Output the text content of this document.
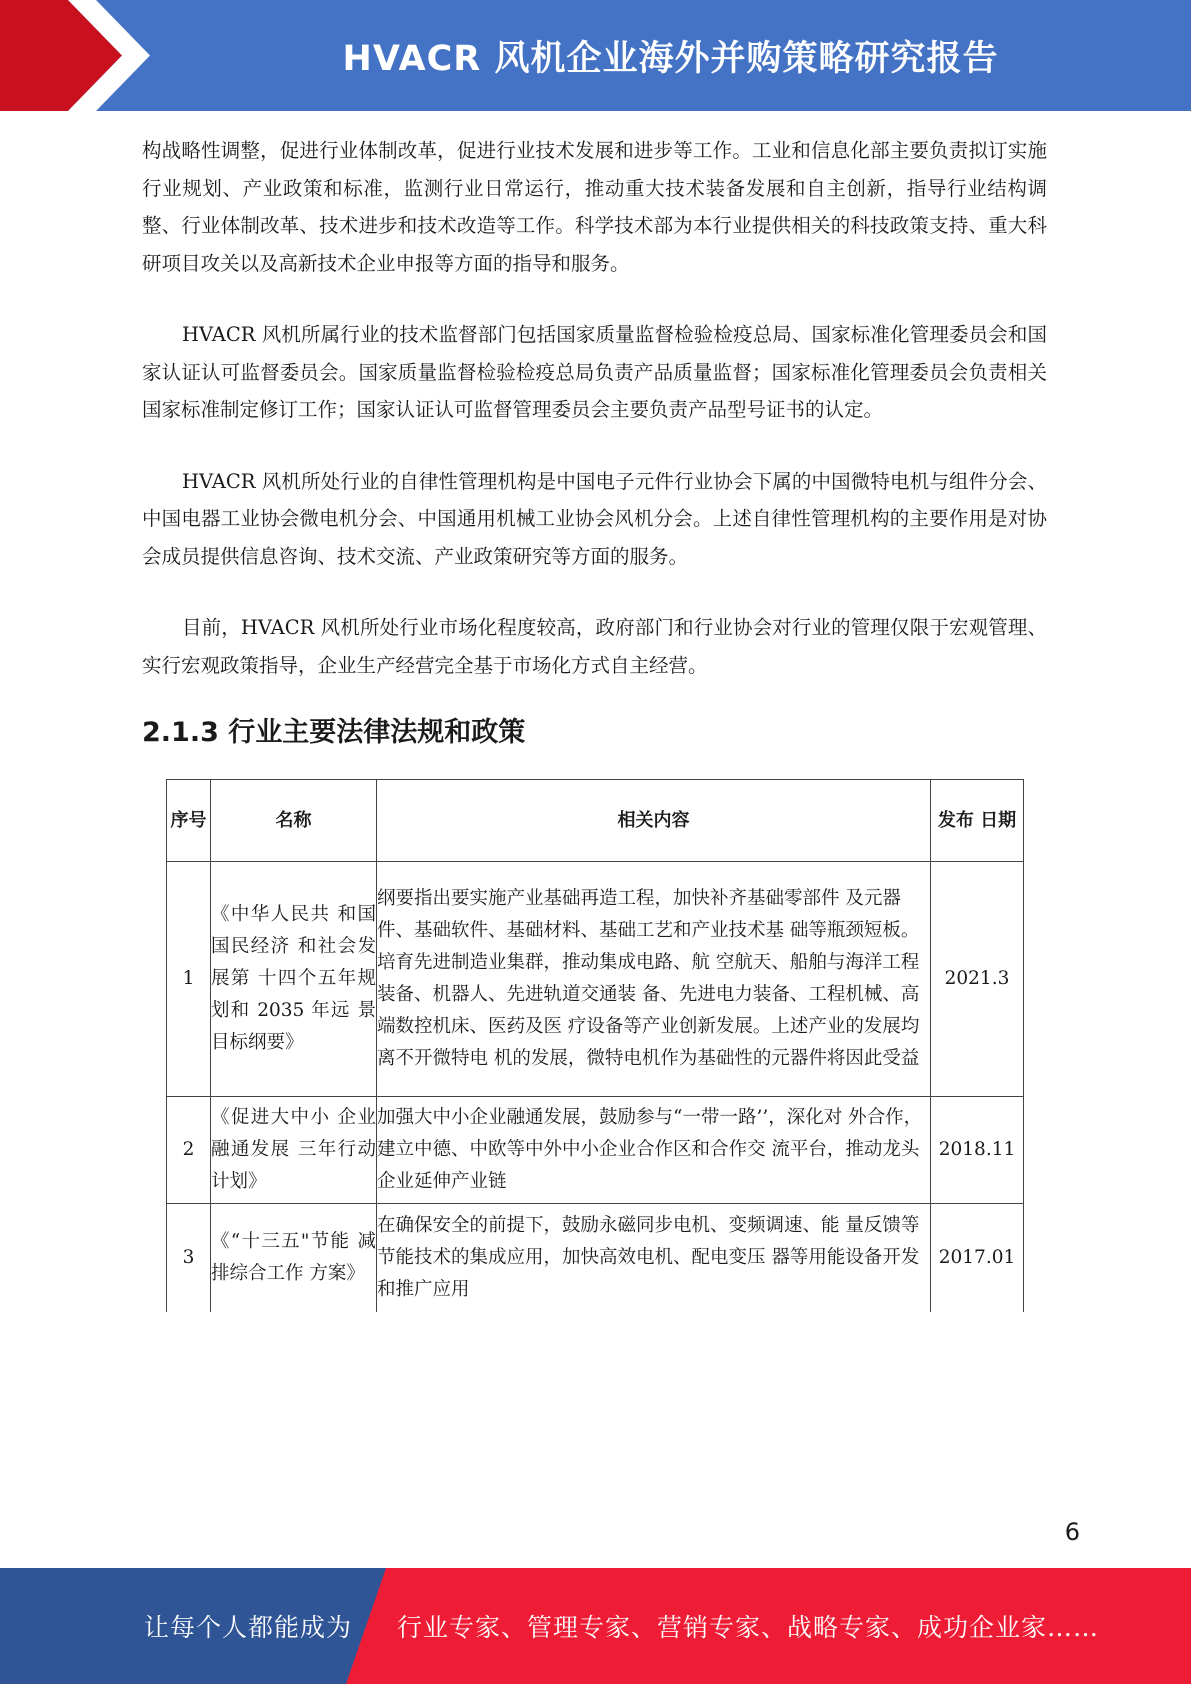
HVACR 风机企业海外并购策略研究报告

构战略性调整，促进行业体制改革，促进行业技术发展和进步等工作。工业和信息化部主要负责拟订实施行业规划、产业政策和标准，监测行业日常运行，推动重大技术装备发展和自主创新，指导行业结构调整、行业体制改革、技术进步和技术改造等工作。科学技术部为本行业提供相关的科技政策支持、重大科研项目攻关以及高新技术企业申报等方面的指导和服务。

HVACR 风机所属行业的技术监督部门包括国家质量监督检验检疫总局、国家标准化管理委员会和国家认证认可监督委员会。国家质量监督检验检疫总局负责产品质量监督；国家标准化管理委员会负责相关国家标准制定修订工作；国家认证认可监督管理委员会主要负责产品型号证书的认定。

HVACR 风机所处行业的自律性管理机构是中国电子元件行业协会下属的中国微特电机与组件分会、中国电器工业协会微电机分会、中国通用机械工业协会风机分会。上述自律性管理机构的主要作用是对协会成员提供信息咨询、技术交流、产业政策研究等方面的服务。

目前，HVACR 风机所处行业市场化程度较高，政府部门和行业协会对行业的管理仅限于宏观管理、实行宏观政策指导，企业生产经营完全基于市场化方式自主经营。

2.1.3 行业主要法律法规和政策
序号	名称	相关内容	发布 日期
1	《中华人民共 和国国民经济 和社会发展第 十四个五年规 划和 2035 年远 景目标纲要》	纲要指出要实施产业基础再造工程，加快补齐基础零部件 及元器件、基础软件、基础材料、基础工艺和产业技术基 础等瓶颈短板。培育先进制造业集群，推动集成电路、航 空航天、船舶与海洋工程装备、机器人、先进轨道交通装 备、先进电力装备、工程机械、高端数控机床、医药及医 疗设备等产业创新发展。上述产业的发展均离不开微特电 机的发展，微特电机作为基础性的元器件将因此受益	2021.3
2	《促进大中小 企业融通发展 三年行动计划》	加强大中小企业融通发展，鼓励参与“一带一路’’，深化对 外合作，建立中德、中欧等中外中小企业合作区和合作交 流平台，推动龙头企业延伸产业链	2018.11
3	《“十三五"节能 减排综合工作 方案》	在确保安全的前提下，鼓励永磁同步电机、变频调速、能 量反馈等节能技术的集成应用，加快高效电机、配电变压 器等用能设备开发和推广应用	2017.01
6
让每个人都能成为 行业专家、管理专家、营销专家、战略专家、成功企业家……
